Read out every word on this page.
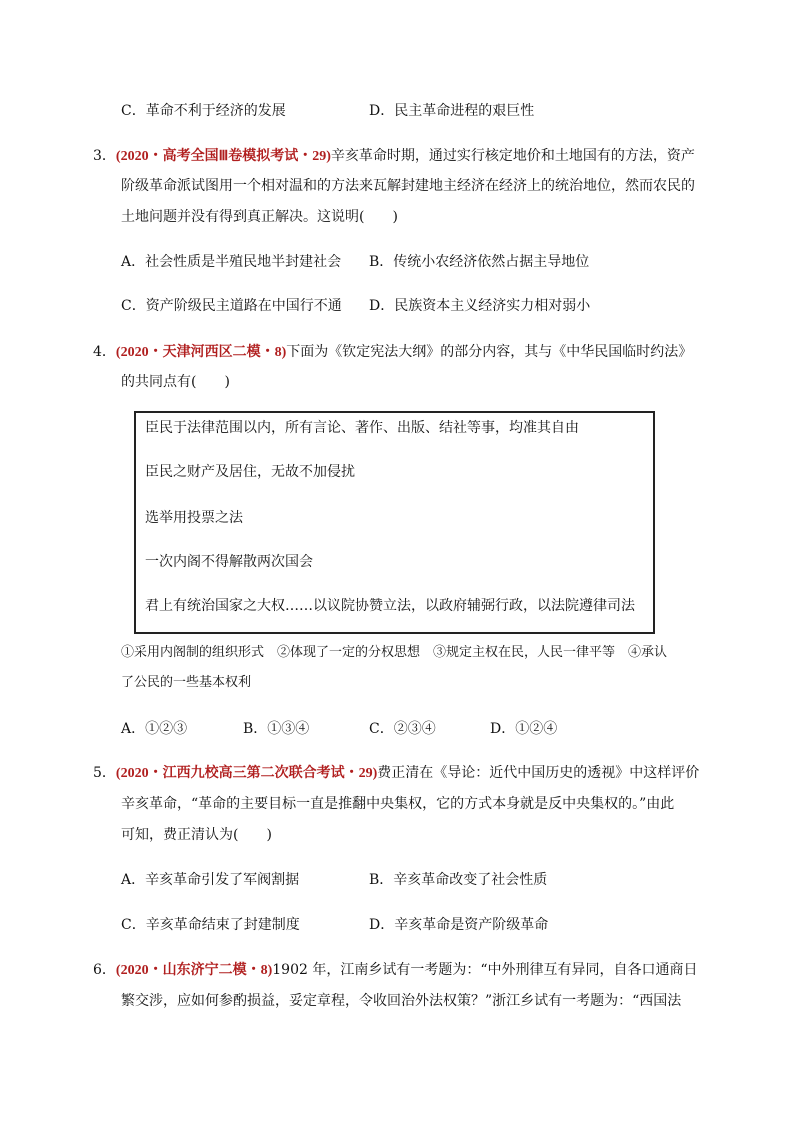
C．革命不利于经济的发展	D．民主革命进程的艰巨性
3．(2020・高考全国Ⅲ卷模拟考试・29)辛亥革命时期，通过实行核定地价和土地国有的方法，资产
阶级革命派试图用一个相对温和的方法来瓦解封建地主经济在经济上的统治地位，然而农民的
土地问题并没有得到真正解决。这说明(　　)
A．社会性质是半殖民地半封建社会 B．传统小农经济依然占据主导地位
C．资产阶级民主道路在中国行不通 D．民族资本主义经济实力相对弱小
4．(2020・天津河西区二模・8)下面为《钦定宪法大纲》的部分内容，其与《中华民国临时约法》
的共同点有(　　)
臣民于法律范围以内，所有言论、著作、出版、结社等事，均准其自由
臣民之财产及居住，无故不加侵扰
选举用投票之法
一次内阁不得解散两次国会
君上有统治国家之大权……以议院协赞立法，以政府辅弼行政，以法院遵律司法
①采用内阁制的组织形式　②体现了一定的分权思想　③规定主权在民，人民一律平等　④承认
了公民的一些基本权利
A．①②③	B．①③④	C．②③④	D．①②④
5．(2020・江西九校高三第二次联合考试・29)费正清在《导论：近代中国历史的透视》中这样评价
辛亥革命，“革命的主要目标一直是推翻中央集权，它的方式本身就是反中央集权的。”由此
可知，费正清认为(　　)
A．辛亥革命引发了军阀割据	B．辛亥革命改变了社会性质
C．辛亥革命结束了封建制度	D．辛亥革命是资产阶级革命
6．(2020・山东济宁二模・8)1902 年，江南乡试有一考题为：“中外刑律互有异同，自各口通商日
繁交涉，应如何参酌损益，妥定章程，令收回治外法权策？”浙江乡试有一考题为：“西国法
